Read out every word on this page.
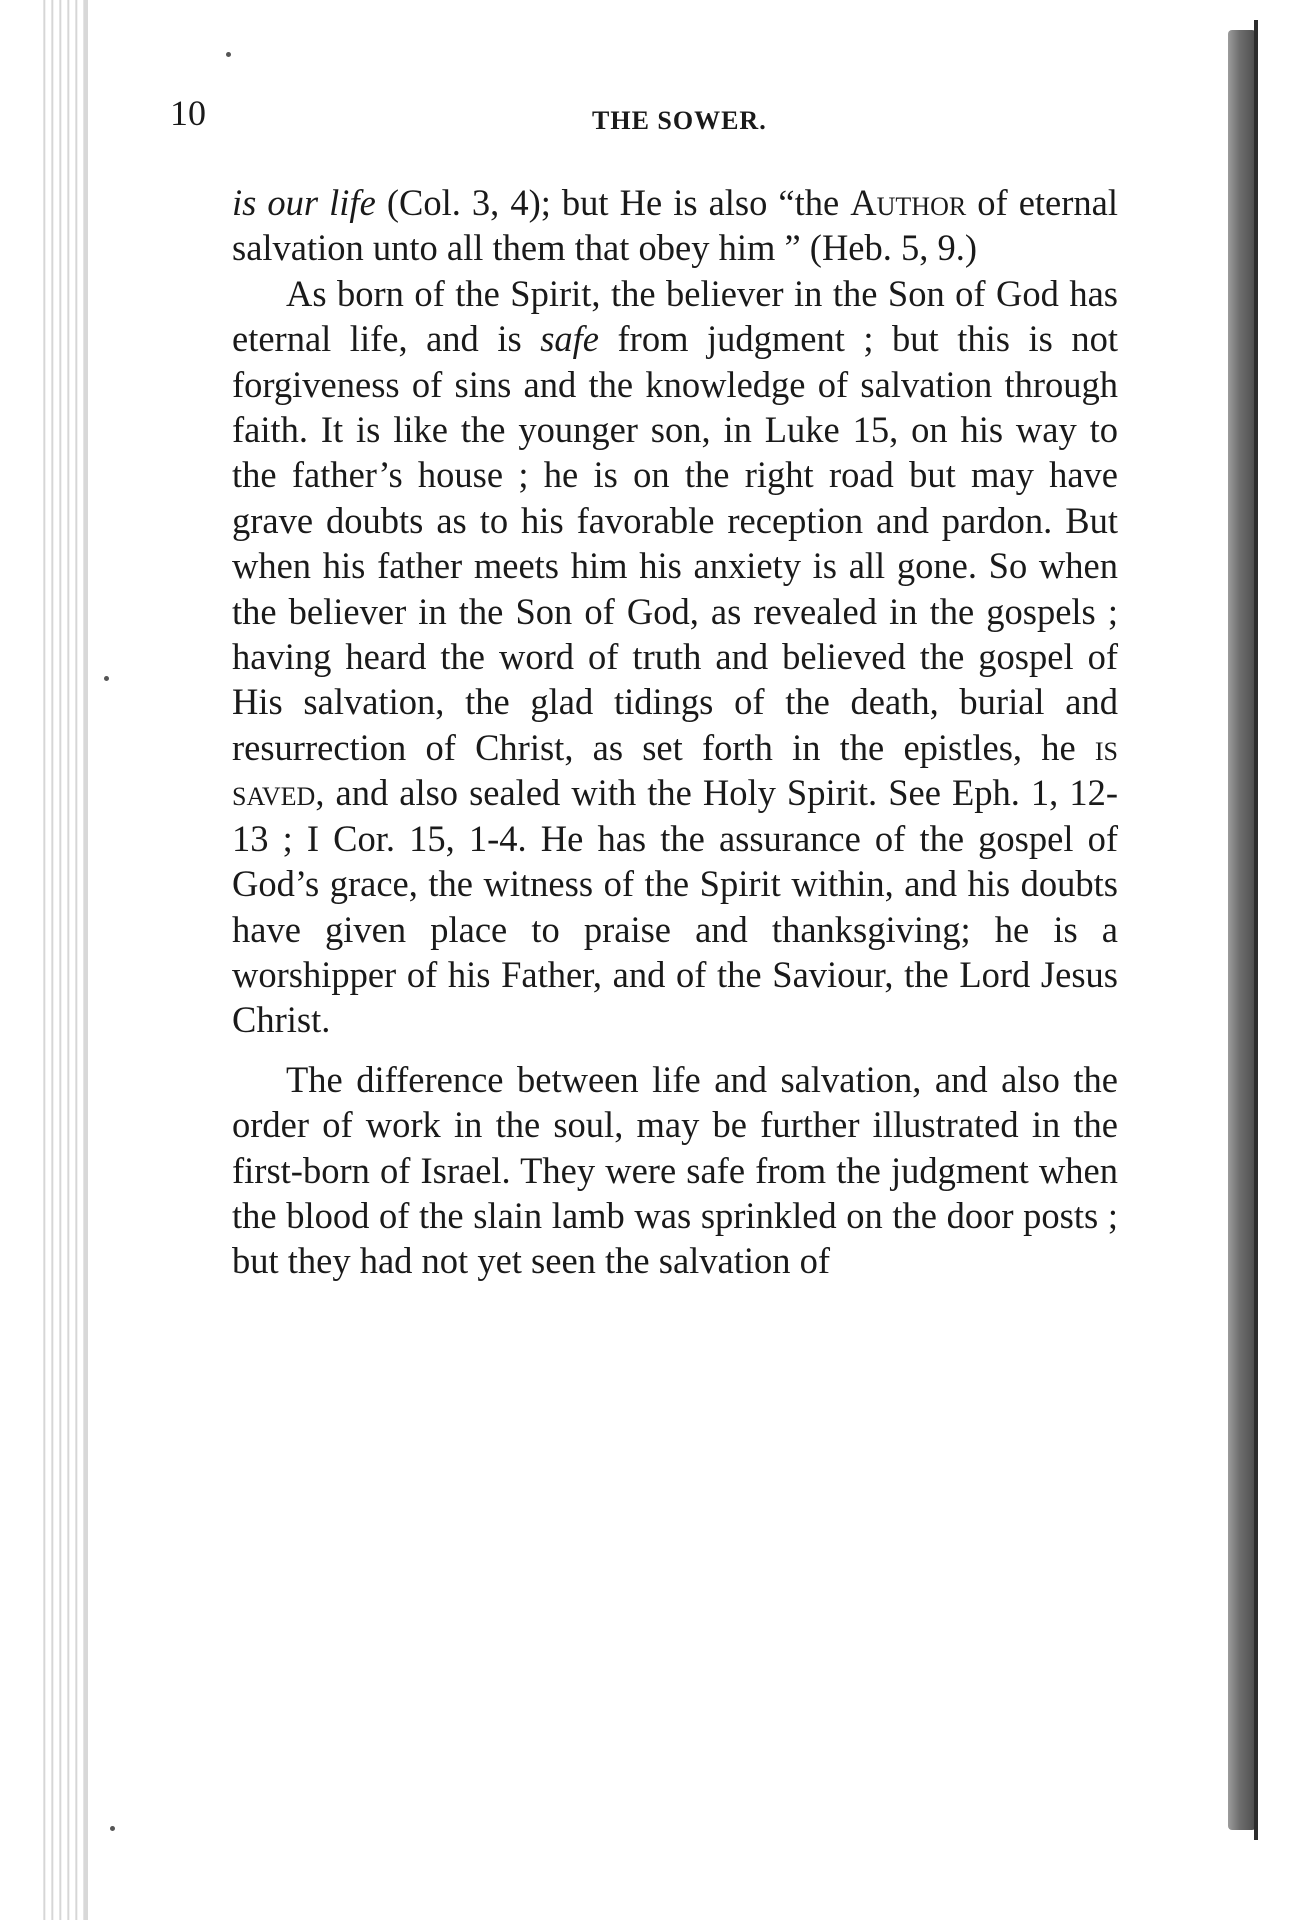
10	THE SOWER.

is our life (Col. 3, 4); but He is also “the Author of eternal salvation unto all them that obey him ” (Heb. 5, 9.)

As born of the Spirit, the believer in the Son of God has eternal life, and is safe from judgment ; but this is not forgiveness of sins and the knowledge of salvation through faith. It is like the younger son, in Luke 15, on his way to the father’s house ; he is on the right road but may have grave doubts as to his favorable reception and pardon. But when his father meets him his anxiety is all gone. So when the believer in the Son of God, as revealed in the gospels ; having heard the word of truth and believed the gospel of His salvation, the glad tidings of the death, burial and resurrection of Christ, as set forth in the epistles, he is saved, and also sealed with the Holy Spirit. See Eph. 1, 12-13 ; I Cor. 15, 1-4. He has the assurance of the gospel of God’s grace, the witness of the Spirit within, and his doubts have given place to praise and thanksgiving; he is a worshipper of his Father, and of the Saviour, the Lord Jesus Christ.

The difference between life and salvation, and also the order of work in the soul, may be further illustrated in the first-born of Israel. They were safe from the judgment when the blood of the slain lamb was sprinkled on the door posts ; but they had not yet seen the salvation of
